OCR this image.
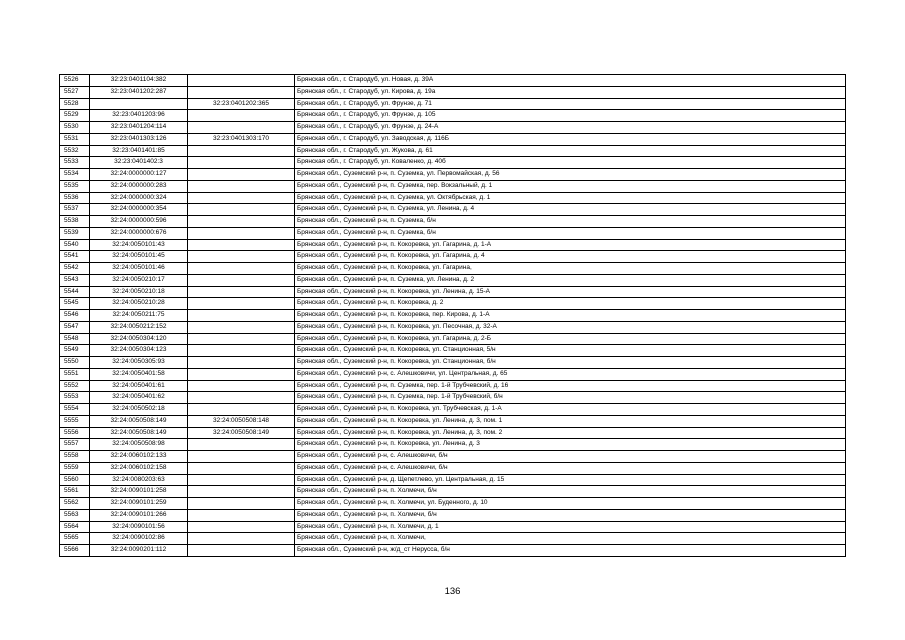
5526	32:23:0401104:382		Брянская обл., г. Стародуб, ул. Новая, д. 39А
5527	32:23:0401202:287		Брянская обл., г. Стародуб, ул. Кирова, д. 19а
5528		32:23:0401202:365	Брянская обл., г. Стародуб, ул. Фрунзе, д. 71
5529	32:23:0401203:96		Брянская обл., г. Стародуб, ул. Фрунзе, д. 105
5530	32:23:0401204:114		Брянская обл., г. Стародуб, ул. Фрунзе, д. 24-А
5531	32:23:0401303:126	32:23:0401303:170	Брянская обл., г. Стародуб, ул. Заводская, д. 116Б
5532	32:23:0401401:85		Брянская обл., г. Стародуб, ул. Жукова, д. 61
5533	32:23:0401402:3		Брянская обл., г. Стародуб, ул. Коваленко, д. 40б
5534	32:24:0000000:127		Брянская обл., Суземский р-н, п. Суземка, ул. Первомайская, д. 56
5535	32:24:0000000:283		Брянская обл., Суземский р-н, п. Суземка, пер. Вокзальный, д. 1
5536	32:24:0000000:324		Брянская обл., Суземский р-н, п. Суземка, ул. Октябрьская, д. 1
5537	32:24:0000000:354		Брянская обл., Суземский р-н, п. Суземка, ул. Ленина, д. 4
5538	32:24:0000000:596		Брянская обл., Суземский р-н, п. Суземка, б/н
5539	32:24:0000000:676		Брянская обл., Суземский р-н, п. Суземка, б/н
5540	32:24:0050101:43		Брянская обл., Суземский р-н, п. Кокоревка, ул. Гагарина, д. 1-А
5541	32:24:0050101:45		Брянская обл., Суземский р-н, п. Кокоревка, ул. Гагарина, д. 4
5542	32:24:0050101:46		Брянская обл., Суземский р-н, п. Кокоревка, ул. Гагарина,
5543	32:24:0050210:17		Брянская обл., Суземский р-н, п. Суземка, ул. Ленина, д. 2
5544	32:24:0050210:18		Брянская обл., Суземский р-н, п. Кокоревка, ул. Ленина, д. 15-А
5545	32:24:0050210:28		Брянская обл., Суземский р-н, п. Кокоревка, д. 2
5546	32:24:0050211:75		Брянская обл., Суземский р-н, п. Кокоревка, пер. Кирова, д. 1-А
5547	32:24:0050212:152		Брянская обл., Суземский р-н, п. Кокоревка, ул. Песочная, д. 32-А
5548	32:24:0050304:120		Брянская обл., Суземский р-н, п. Кокоревка, ул. Гагарина, д. 2-Б
5549	32:24:0050304:123		Брянская обл., Суземский р-н, п. Кокоревка, ул. Станционная, 5/н
5550	32:24:0050305:93		Брянская обл., Суземский р-н, п. Кокоревка, ул. Станционная, б/н
5551	32:24:0050401:58		Брянская обл., Суземский р-н, с. Алешковичи, ул. Центральная, д. 65
5552	32:24:0050401:61		Брянская обл., Суземский р-н, п. Суземка, пер. 1-й Трубчевский, д. 16
5553	32:24:0050401:62		Брянская обл., Суземский р-н, п. Суземка, пер. 1-й Трубчевский, б/н
5554	32:24:0050502:18		Брянская обл., Суземский р-н, п. Кокоревка, ул. Трубчевская, д. 1-А
5555	32:24:0050508:149	32:24:0050508:148	Брянская обл., Суземский р-н, п. Кокоревка, ул. Ленина, д. 3, пом. 1
5556	32:24:0050508:149	32:24:0050508:149	Брянская обл., Суземский р-н, п. Кокоревка, ул. Ленина, д. 3, пом. 2
5557	32:24:0050508:98		Брянская обл., Суземский р-н, п. Кокоревка, ул. Ленина, д. 3
5558	32:24:0060102:133		Брянская обл., Суземский р-н, с. Алешковичи, б/н
5559	32:24:0060102:158		Брянская обл., Суземский р-н, с. Алешковичи, б/н
5560	32:24:0080203:63		Брянская обл., Суземский р-н, д. Щепетлево, ул. Центральная, д. 15
5561	32:24:0090101:258		Брянская обл., Суземский р-н, п. Холмечи, б/н
5562	32:24:0090101:259		Брянская обл., Суземский р-н, п. Холмечи, ул. Буденного, д. 10
5563	32:24:0090101:266		Брянская обл., Суземский р-н, п. Холмечи, б/н
5564	32:24:0090101:56		Брянская обл., Суземский р-н, п. Холмечи, д. 1
5565	32:24:0090102:86		Брянская обл., Суземский р-н, п. Холмечи,
5566	32:24:0090201:112		Брянская обл., Суземский р-н, ж/д_ст Нерусса, б/н
136
